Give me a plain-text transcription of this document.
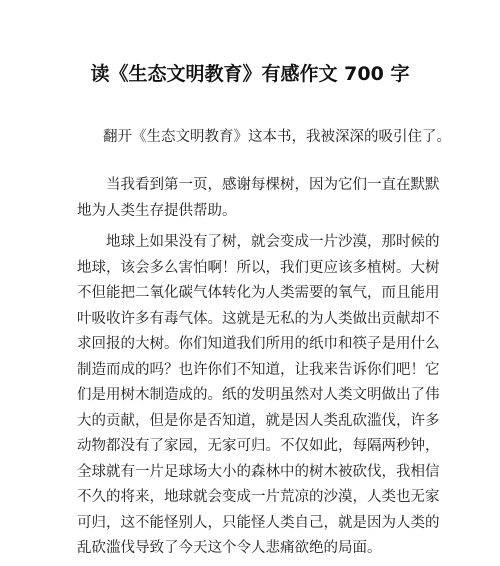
读《生态文明教育》有感作文 700 字
翻开《生态文明教育》这本书，我被深深的吸引住了。
当我看到第一页，感谢每棵树，因为它们一直在默默
地为人类生存提供帮助。
地球上如果没有了树，就会变成一片沙漠，那时候的
地球，该会多么害怕啊！所以，我们更应该多植树。大树
不但能把二氧化碳气体转化为人类需要的氧气，而且能用
叶吸收许多有毒气体。这就是无私的为人类做出贡献却不
求回报的大树。你们知道我们所用的纸巾和筷子是用什么
制造而成的吗？也许你们不知道，让我来告诉你们吧！它
们是用树木制造成的。纸的发明虽然对人类文明做出了伟
大的贡献，但是你是否知道，就是因人类乱砍滥伐，许多
动物都没有了家园，无家可归。不仅如此，每隔两秒钟，
全球就有一片足球场大小的森林中的树木被砍伐，我相信
不久的将来，地球就会变成一片荒凉的沙漠，人类也无家
可归，这不能怪别人，只能怪人类自己，就是因为人类的
乱砍滥伐导致了今天这个令人悲痛欲绝的局面。
